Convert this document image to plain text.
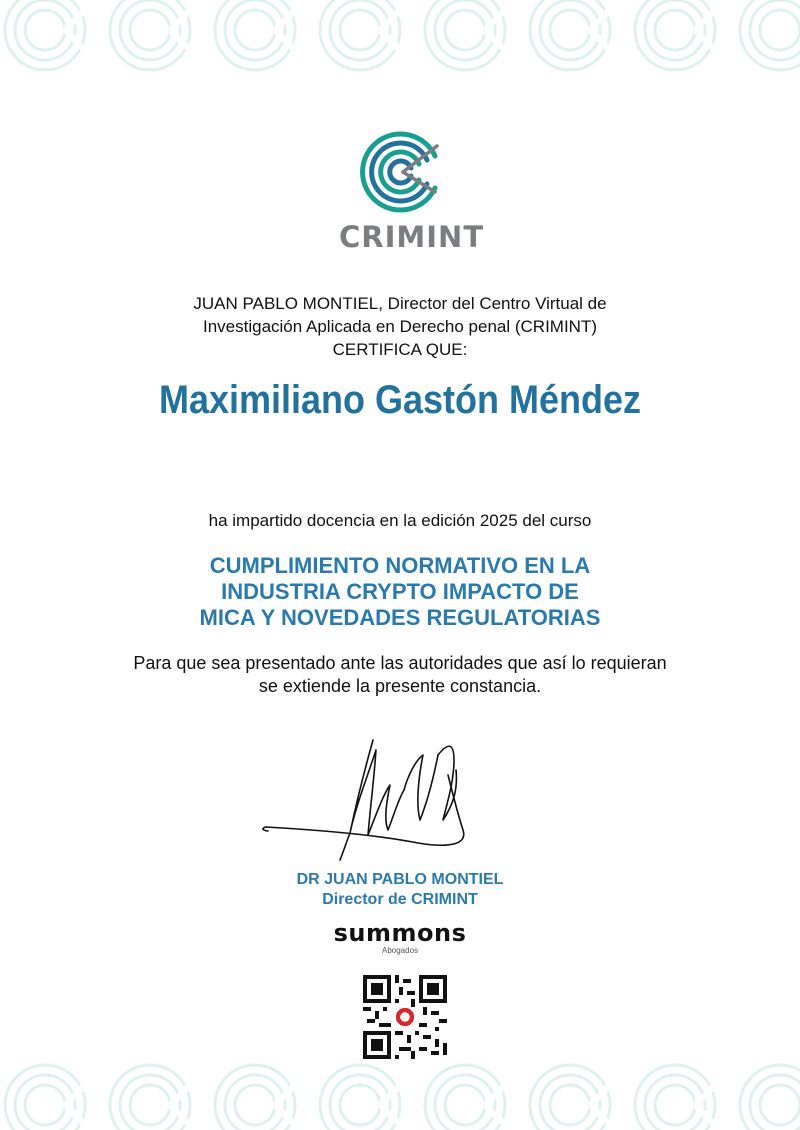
CRIMINT
JUAN PABLO MONTIEL, Director del Centro Virtual de
Investigación Aplicada en Derecho penal (CRIMINT)
CERTIFICA QUE:
Maximiliano Gastón Méndez
ha impartido docencia en la edición 2025 del curso
CUMPLIMIENTO NORMATIVO EN LA
INDUSTRIA CRYPTO IMPACTO DE
MICA Y NOVEDADES REGULATORIAS
Para que sea presentado ante las autoridades que así lo requieran
se extiende la presente constancia.
DR JUAN PABLO MONTIEL
Director de CRIMINT
summons
Abogados
